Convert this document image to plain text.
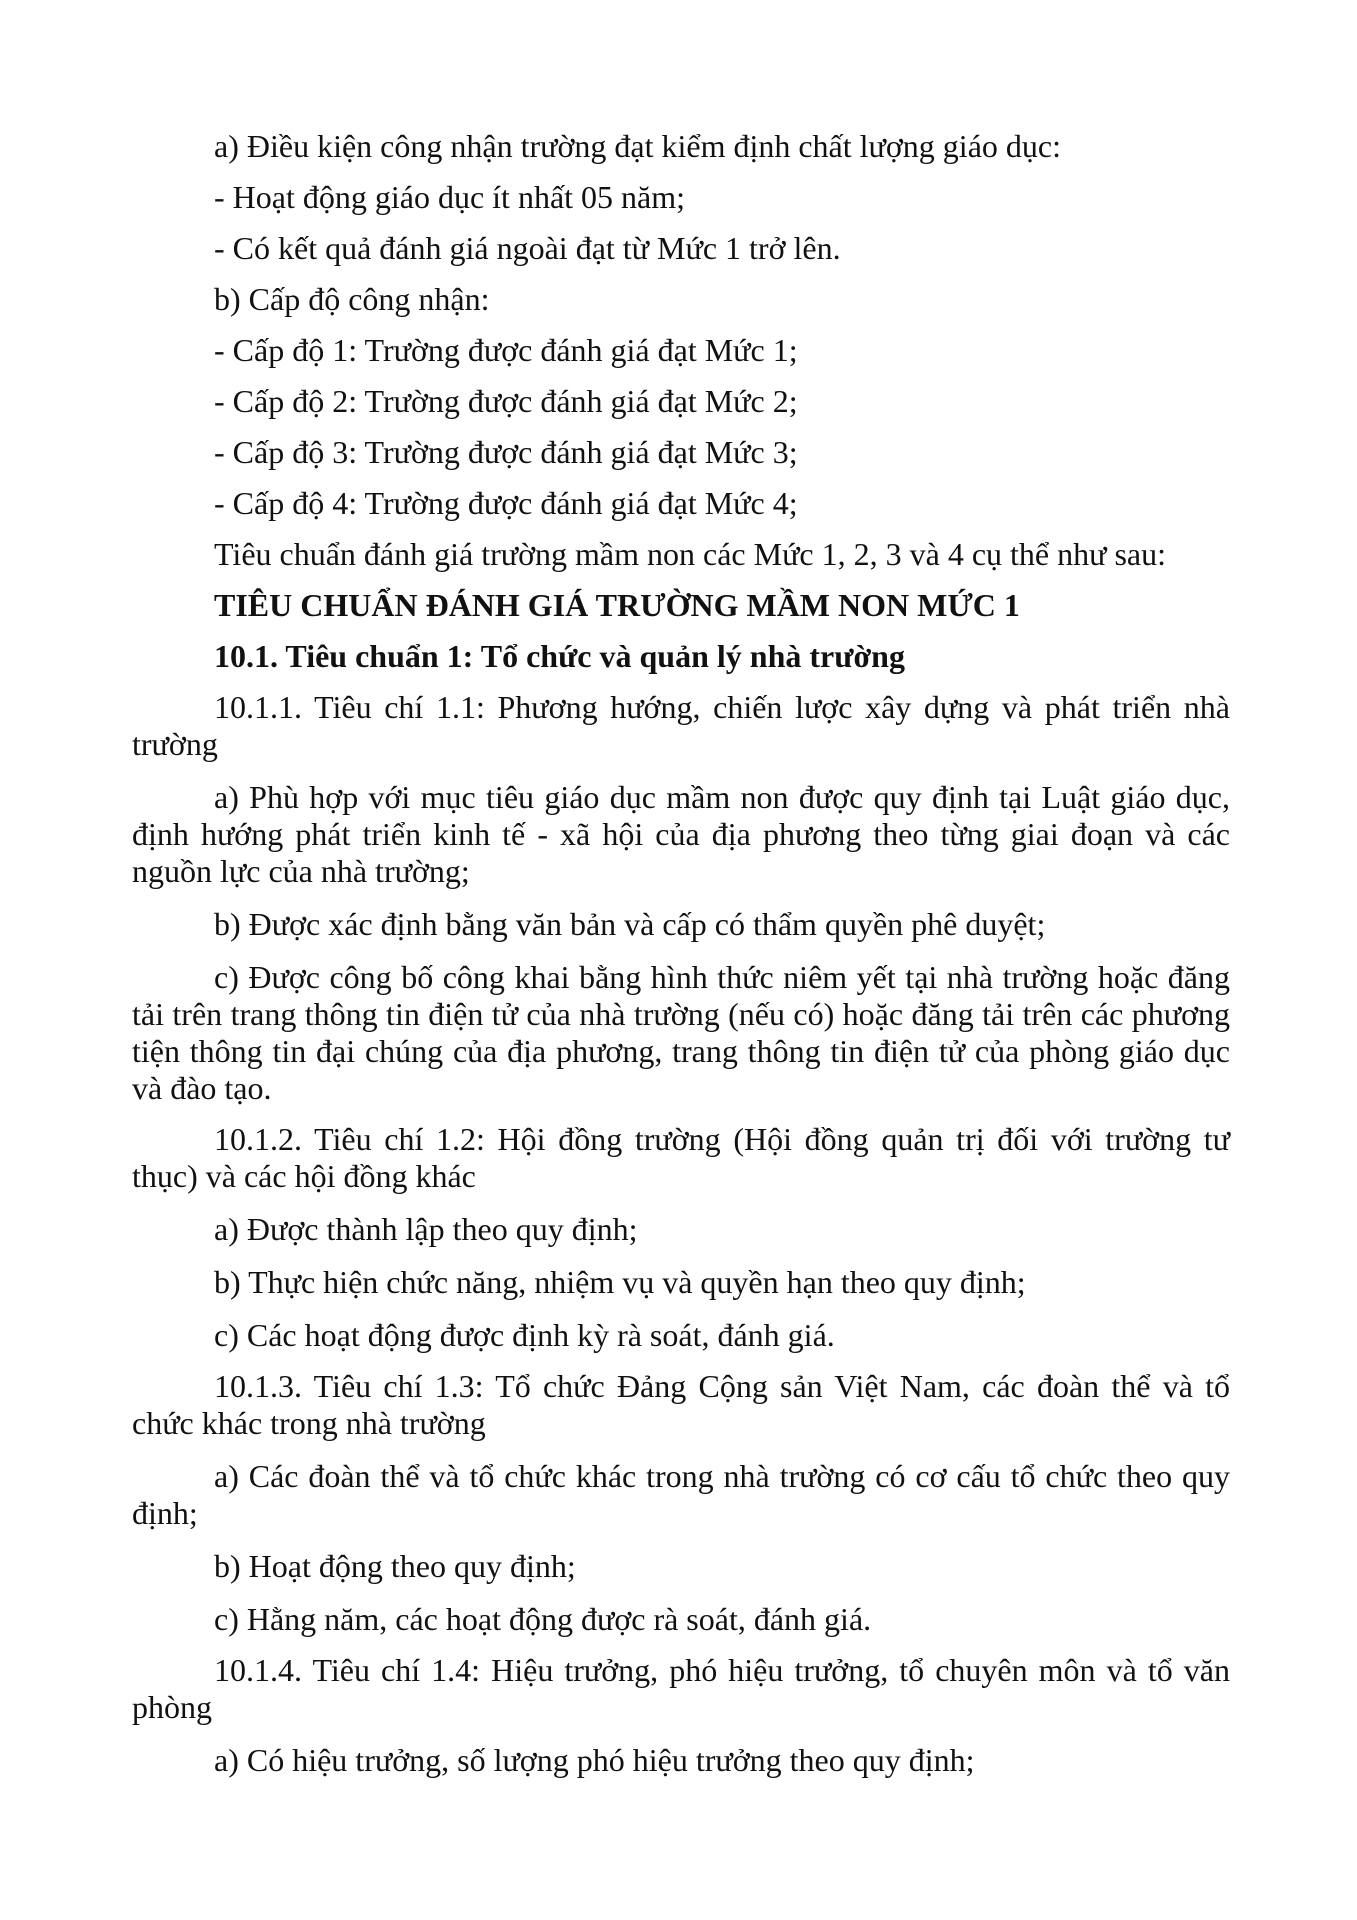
a) Điều kiện công nhận trường đạt kiểm định chất lượng giáo dục:

- Hoạt động giáo dục ít nhất 05 năm;

- Có kết quả đánh giá ngoài đạt từ Mức 1 trở lên.

b) Cấp độ công nhận:

- Cấp độ 1: Trường được đánh giá đạt Mức 1;

- Cấp độ 2: Trường được đánh giá đạt Mức 2;

- Cấp độ 3: Trường được đánh giá đạt Mức 3;

- Cấp độ 4: Trường được đánh giá đạt Mức 4;

Tiêu chuẩn đánh giá trường mầm non các Mức 1, 2, 3 và 4 cụ thể như sau:

TIÊU CHUẨN ĐÁNH GIÁ TRƯỜNG MẦM NON MỨC 1

10.1. Tiêu chuẩn 1: Tổ chức và quản lý nhà trường

10.1.1. Tiêu chí 1.1: Phương hướng, chiến lược xây dựng và phát triển nhà trường

a) Phù hợp với mục tiêu giáo dục mầm non được quy định tại Luật giáo dục, định hướng phát triển kinh tế - xã hội của địa phương theo từng giai đoạn và các nguồn lực của nhà trường;

b) Được xác định bằng văn bản và cấp có thẩm quyền phê duyệt;

c) Được công bố công khai bằng hình thức niêm yết tại nhà trường hoặc đăng tải trên trang thông tin điện tử của nhà trường (nếu có) hoặc đăng tải trên các phương tiện thông tin đại chúng của địa phương, trang thông tin điện tử của phòng giáo dục và đào tạo.

10.1.2. Tiêu chí 1.2: Hội đồng trường (Hội đồng quản trị đối với trường tư thục) và các hội đồng khác

a) Được thành lập theo quy định;

b) Thực hiện chức năng, nhiệm vụ và quyền hạn theo quy định;

c) Các hoạt động được định kỳ rà soát, đánh giá.

10.1.3. Tiêu chí 1.3: Tổ chức Đảng Cộng sản Việt Nam, các đoàn thể và tổ chức khác trong nhà trường

a) Các đoàn thể và tổ chức khác trong nhà trường có cơ cấu tổ chức theo quy định;

b) Hoạt động theo quy định;

c) Hằng năm, các hoạt động được rà soát, đánh giá.

10.1.4. Tiêu chí 1.4: Hiệu trưởng, phó hiệu trưởng, tổ chuyên môn và tổ văn phòng

a) Có hiệu trưởng, số lượng phó hiệu trưởng theo quy định;
